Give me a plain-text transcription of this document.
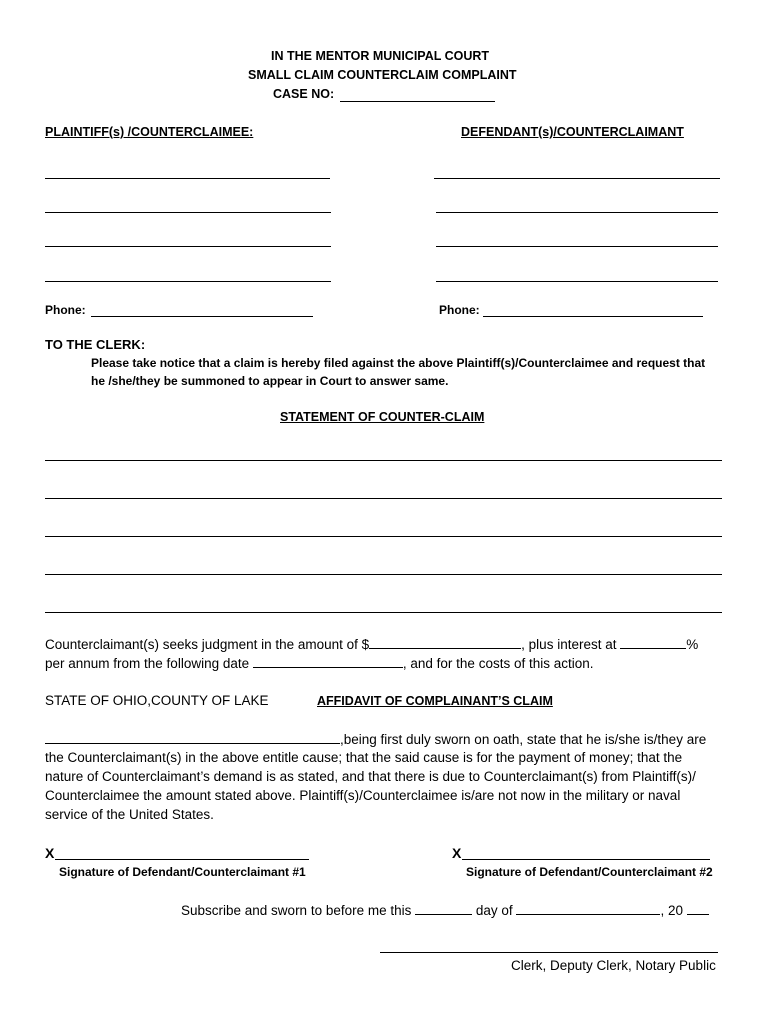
IN THE MENTOR MUNICIPAL COURT
SMALL CLAIM COUNTERCLAIM COMPLAINT
CASE NO:
PLAINTIFF(s) /COUNTERCLAIMEE:	DEFENDANT(s)/COUNTERCLAIMANT
Phone:	Phone:
TO THE CLERK:
Please take notice that a claim is hereby filed against the above Plaintiff(s)/Counterclaimee and request that
he /she/they be summoned to appear in Court to answer same.
STATEMENT OF COUNTER-CLAIM
Counterclaimant(s) seeks judgment in the amount of $	, plus interest at	%
per annum from the following date	, and for the costs of this action.
STATE OF OHIO,COUNTY OF LAKE	AFFIDAVIT OF COMPLAINANT’S CLAIM
,being first duly sworn on oath, state that he is/she is/they are
the Counterclaimant(s) in the above entitle cause; that the said cause is for the payment of money; that the
nature of Counterclaimant’s demand is as stated, and that there is due to Counterclaimant(s) from Plaintiff(s)/
Counterclaimee the amount stated above. Plaintiff(s)/Counterclaimee is/are not now in the military or naval
service of the United States.
X
Signature of Defendant/Counterclaimant #1
X
Signature of Defendant/Counterclaimant #2
Subscribe and sworn to before me this	day of	, 20
Clerk, Deputy Clerk, Notary Public
